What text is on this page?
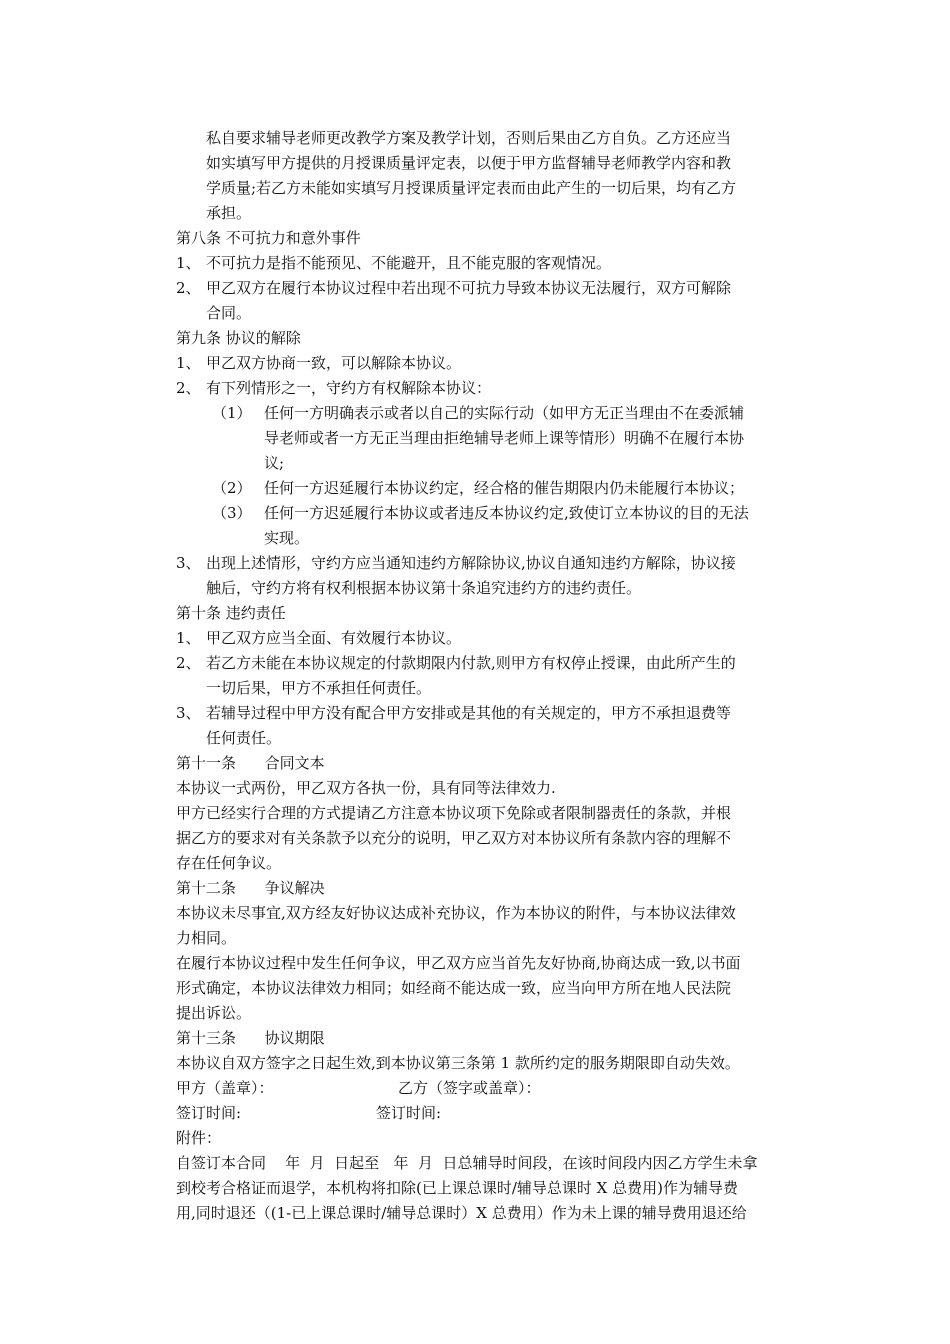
私自要求辅导老师更改教学方案及教学计划，否则后果由乙方自负。乙方还应当
如实填写甲方提供的月授课质量评定表，以便于甲方监督辅导老师教学内容和教
学质量;若乙方未能如实填写月授课质量评定表而由此产生的一切后果，均有乙方
承担。
第八条 不可抗力和意外事件
1、 不可抗力是指不能预见、不能避开，且不能克服的客观情况。
2、 甲乙双方在履行本协议过程中若出现不可抗力导致本协议无法履行，双方可解除
合同。
第九条 协议的解除
1、 甲乙双方协商一致，可以解除本协议。
2、 有下列情形之一，守约方有权解除本协议：
（1） 任何一方明确表示或者以自己的实际行动（如甲方无正当理由不在委派辅
导老师或者一方无正当理由拒绝辅导老师上课等情形）明确不在履行本协
议;
（2） 任何一方迟延履行本协议约定，经合格的催告期限内仍未能履行本协议；
（3） 任何一方迟延履行本协议或者违反本协议约定,致使订立本协议的目的无法
实现。
3、 出现上述情形，守约方应当通知违约方解除协议,协议自通知违约方解除，协议接
触后，守约方将有权利根据本协议第十条追究违约方的违约责任。
第十条 违约责任
1、 甲乙双方应当全面、有效履行本协议。
2、 若乙方未能在本协议规定的付款期限内付款,则甲方有权停止授课，由此所产生的
一切后果，甲方不承担任何责任。
3、 若辅导过程中甲方没有配合甲方安排或是其他的有关规定的，甲方不承担退费等
任何责任。
第十一条      合同文本
本协议一式两份，甲乙双方各执一份，具有同等法律效力.
甲方已经实行合理的方式提请乙方注意本协议项下免除或者限制器责任的条款，并根
据乙方的要求对有关条款予以充分的说明，甲乙双方对本协议所有条款内容的理解不
存在任何争议。
第十二条      争议解决
本协议未尽事宜,双方经友好协议达成补充协议，作为本协议的附件，与本协议法律效
力相同。
在履行本协议过程中发生任何争议，甲乙双方应当首先友好协商,协商达成一致,以书面
形式确定，本协议法律效力相同；如经商不能达成一致，应当向甲方所在地人民法院
提出诉讼。
第十三条      协议期限
本协议自双方签字之日起生效,到本协议第三条第 1 款所约定的服务期限即自动失效。
甲方（盖章）：	乙方（签字或盖章）：
签订时间:	签订时间:
附件：
自签订本合同    年  月  日起至   年  月  日总辅导时间段，在该时间段内因乙方学生未拿
到校考合格证而退学，本机构将扣除(已上课总课时/辅导总课时 X 总费用)作为辅导费
用,同时退还（(1-已上课总课时/辅导总课时）X 总费用）作为未上课的辅导费用退还给
